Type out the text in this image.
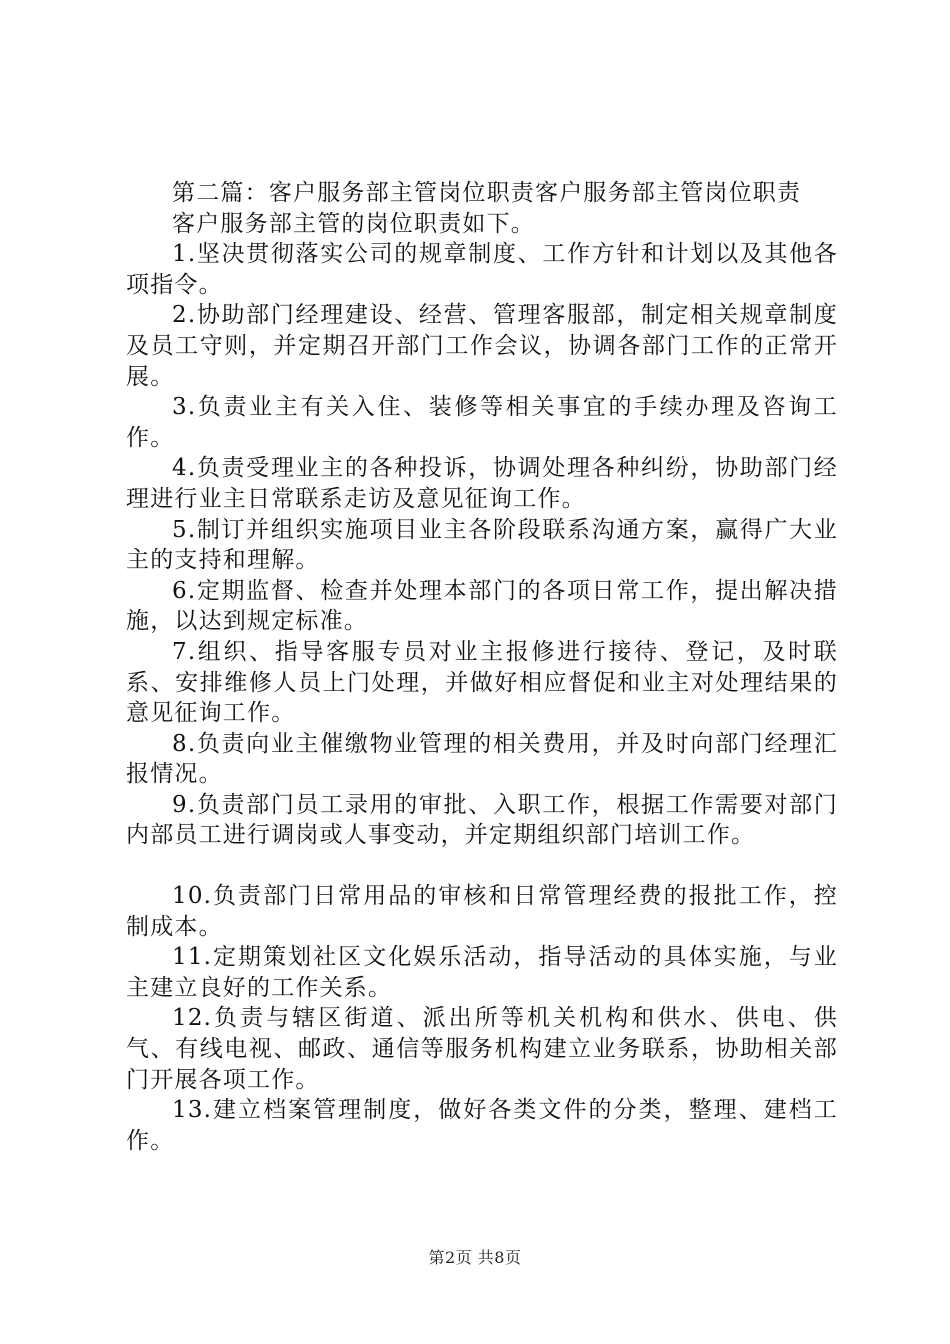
第二篇：客户服务部主管岗位职责客户服务部主管岗位职责

客户服务部主管的岗位职责如下。

1.坚决贯彻落实公司的规章制度、工作方针和计划以及其他各项指令。

2.协助部门经理建设、经营、管理客服部，制定相关规章制度及员工守则，并定期召开部门工作会议，协调各部门工作的正常开展。

3.负责业主有关入住、装修等相关事宜的手续办理及咨询工作。

4.负责受理业主的各种投诉，协调处理各种纠纷，协助部门经理进行业主日常联系走访及意见征询工作。

5.制订并组织实施项目业主各阶段联系沟通方案，赢得广大业主的支持和理解。

6.定期监督、检查并处理本部门的各项日常工作，提出解决措施，以达到规定标准。

7.组织、指导客服专员对业主报修进行接待、登记，及时联系、安排维修人员上门处理，并做好相应督促和业主对处理结果的意见征询工作。

8.负责向业主催缴物业管理的相关费用，并及时向部门经理汇报情况。

9.负责部门员工录用的审批、入职工作，根据工作需要对部门内部员工进行调岗或人事变动，并定期组织部门培训工作。

10.负责部门日常用品的审核和日常管理经费的报批工作，控制成本。

11.定期策划社区文化娱乐活动，指导活动的具体实施，与业主建立良好的工作关系。

12.负责与辖区街道、派出所等机关机构和供水、供电、供气、有线电视、邮政、通信等服务机构建立业务联系，协助相关部门开展各项工作。

13.建立档案管理制度，做好各类文件的分类，整理、建档工作。

第2页 共8页
